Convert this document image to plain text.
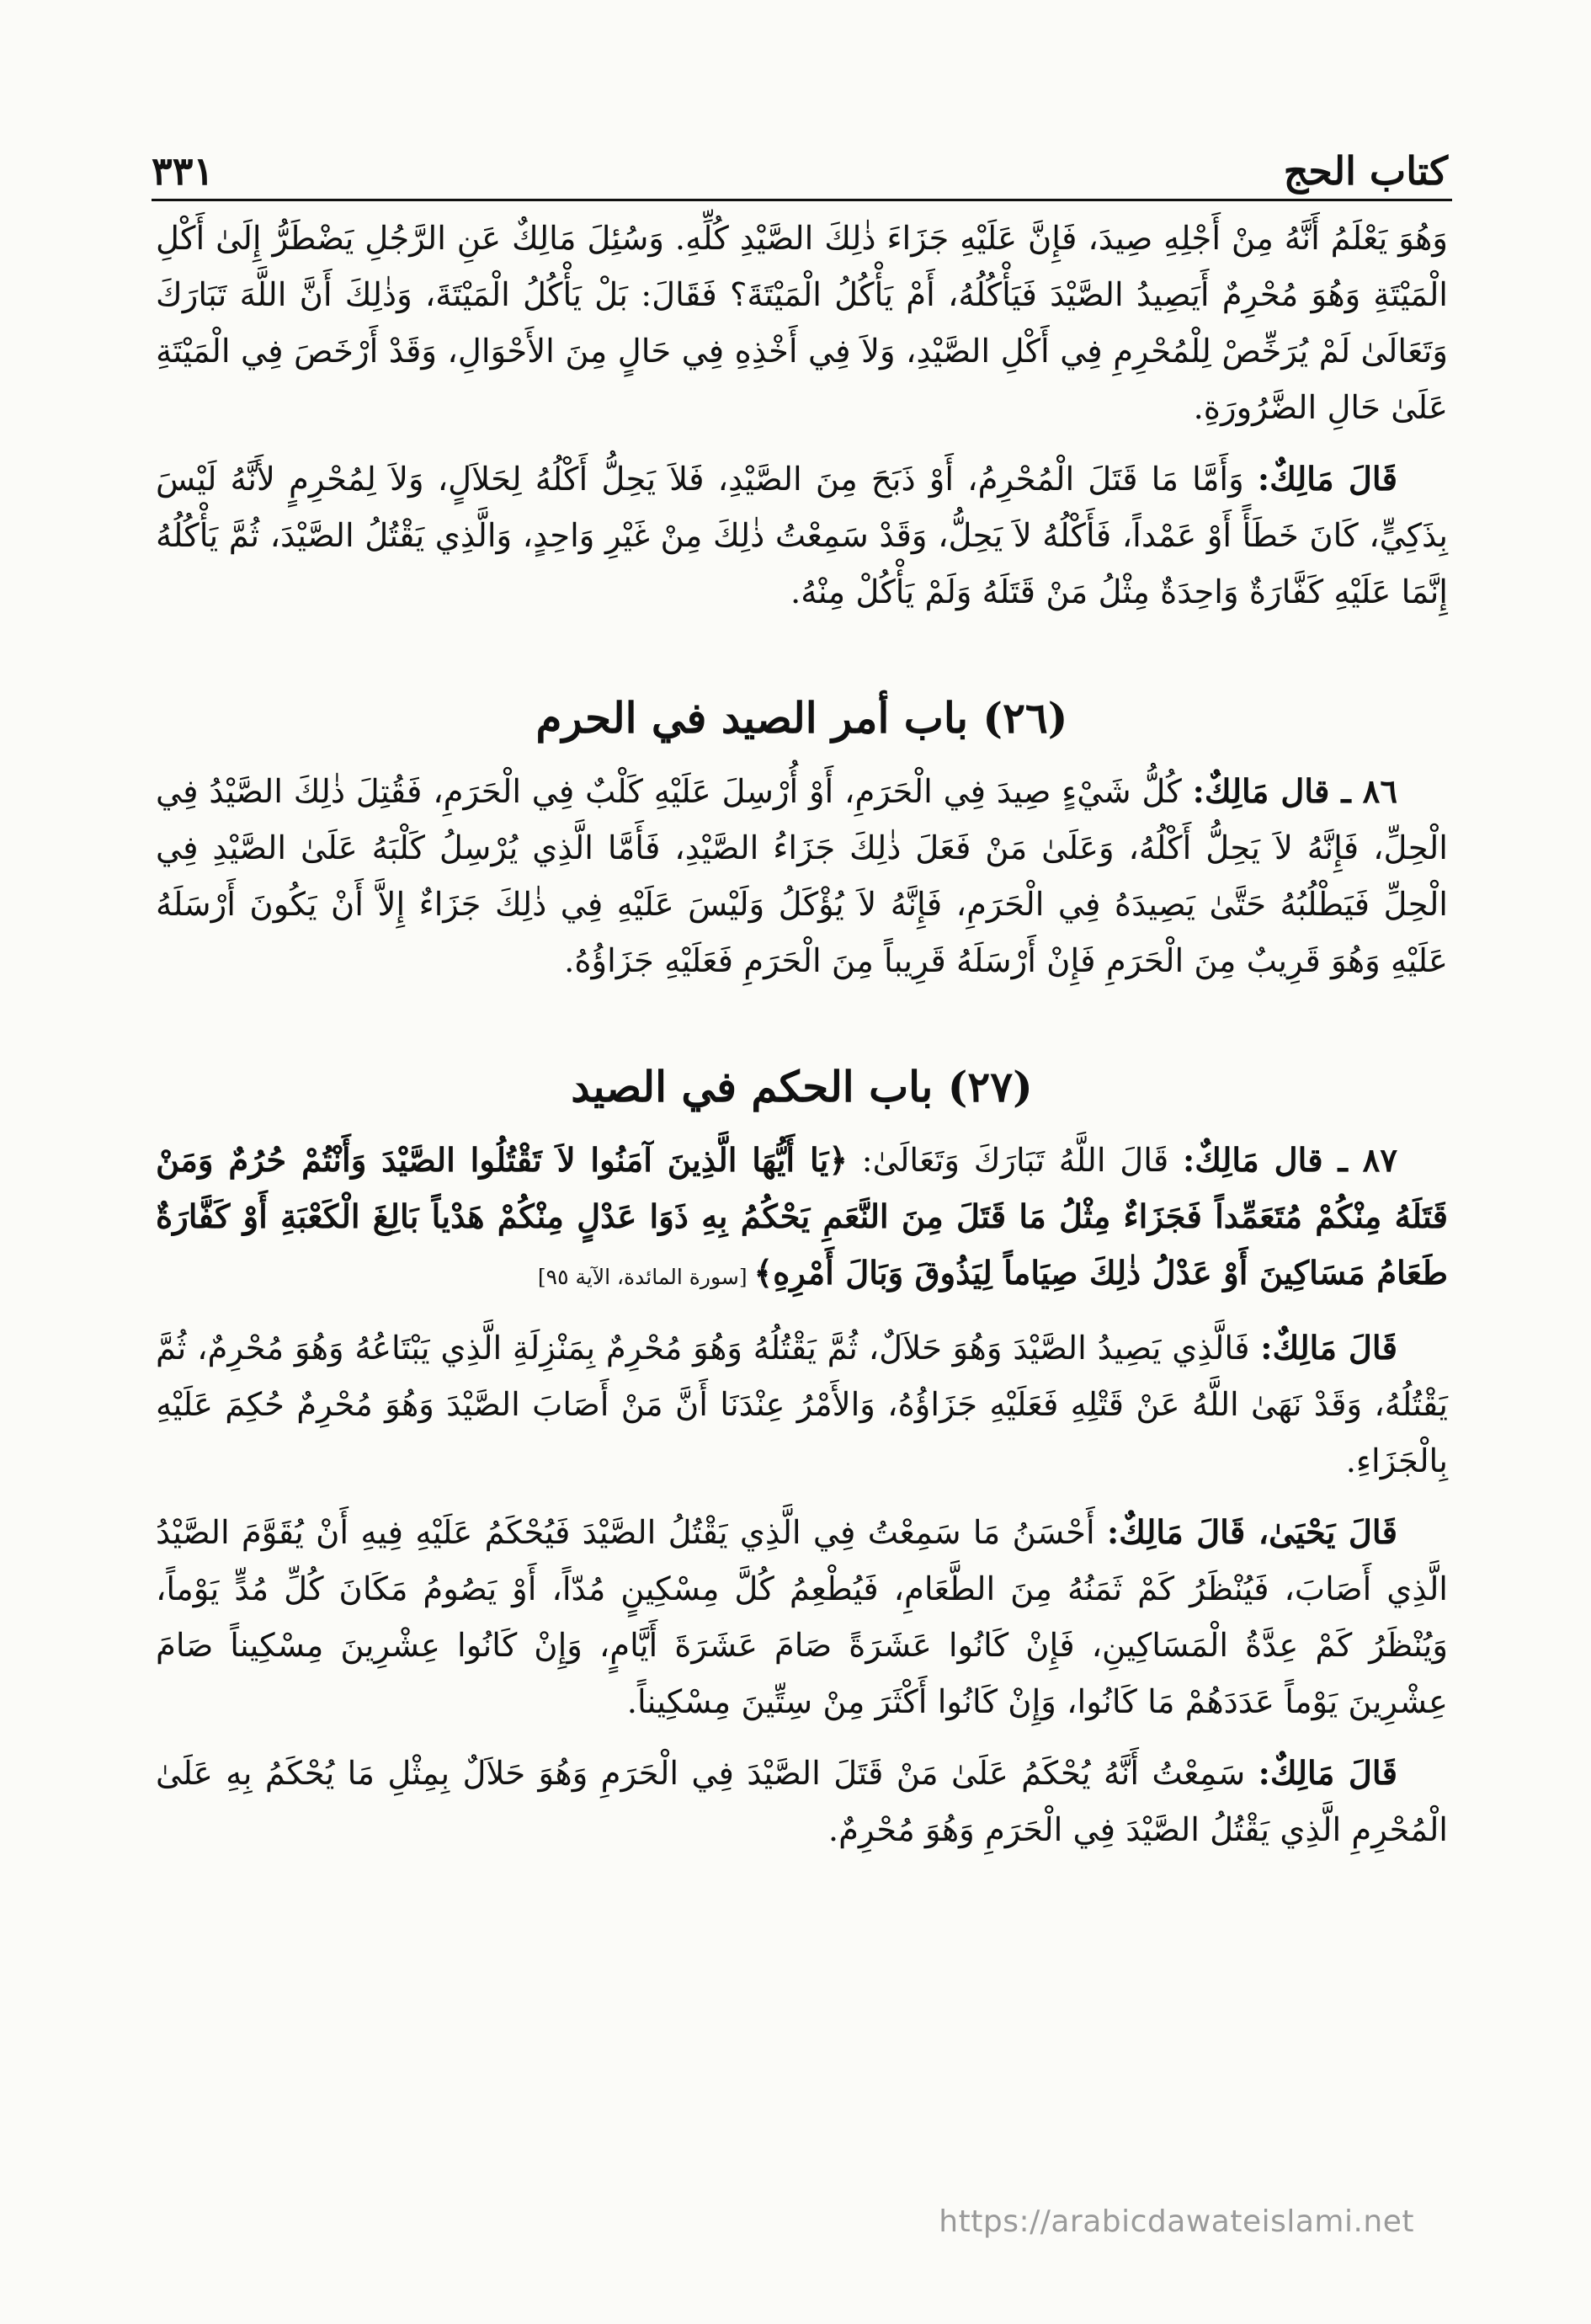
كتاب الحج
٣٣١

وَهُوَ يَعْلَمُ أَنَّهُ مِنْ أَجْلِهِ صِيدَ، فَإِنَّ عَلَيْهِ جَزَاءَ ذٰلِكَ الصَّيْدِ كُلِّهِ. وَسُئِلَ مَالِكٌ عَنِ الرَّجُلِ يَضْطَرُّ إِلَىٰ أَكْلِ الْمَيْتَةِ وَهُوَ مُحْرِمٌ أَيَصِيدُ الصَّيْدَ فَيَأْكُلُهُ، أَمْ يَأْكُلُ الْمَيْتَةَ؟ فَقَالَ: بَلْ يَأْكُلُ الْمَيْتَةَ، وَذٰلِكَ أَنَّ اللَّهَ تَبَارَكَ وَتَعَالَىٰ لَمْ يُرَخِّصْ لِلْمُحْرِمِ فِي أَكْلِ الصَّيْدِ، وَلاَ فِي أَخْذِهِ فِي حَالٍ مِنَ الأَحْوَالِ، وَقَدْ أَرْخَصَ فِي الْمَيْتَةِ عَلَىٰ حَالِ الضَّرُورَةِ.

قَالَ مَالِكٌ: وَأَمَّا مَا قَتَلَ الْمُحْرِمُ، أَوْ ذَبَحَ مِنَ الصَّيْدِ، فَلاَ يَحِلُّ أَكْلُهُ لِحَلاَلٍ، وَلاَ لِمُحْرِمٍ لأَنَّهُ لَيْسَ بِذَكِيٍّ، كَانَ خَطَأً أَوْ عَمْداً، فَأَكْلُهُ لاَ يَحِلُّ، وَقَدْ سَمِعْتُ ذٰلِكَ مِنْ غَيْرِ وَاحِدٍ، وَالَّذِي يَقْتُلُ الصَّيْدَ، ثُمَّ يَأْكُلُهُ إِنَّمَا عَلَيْهِ كَفَّارَةٌ وَاحِدَةٌ مِثْلُ مَنْ قَتَلَهُ وَلَمْ يَأْكُلْ مِنْهُ.

(٢٦) باب أمر الصيد في الحرم

٨٦ ـ قال مَالِكٌ: كُلُّ شَيْءٍ صِيدَ فِي الْحَرَمِ، أَوْ أُرْسِلَ عَلَيْهِ كَلْبٌ فِي الْحَرَمِ، فَقُتِلَ ذٰلِكَ الصَّيْدُ فِي الْحِلِّ، فَإِنَّهُ لاَ يَحِلُّ أَكْلُهُ، وَعَلَىٰ مَنْ فَعَلَ ذٰلِكَ جَزَاءُ الصَّيْدِ، فَأَمَّا الَّذِي يُرْسِلُ كَلْبَهُ عَلَىٰ الصَّيْدِ فِي الْحِلِّ فَيَطْلُبُهُ حَتَّىٰ يَصِيدَهُ فِي الْحَرَمِ، فَإِنَّهُ لاَ يُؤْكَلُ وَلَيْسَ عَلَيْهِ فِي ذٰلِكَ جَزَاءٌ إِلاَّ أَنْ يَكُونَ أَرْسَلَهُ عَلَيْهِ وَهُوَ قَرِيبٌ مِنَ الْحَرَمِ فَإِنْ أَرْسَلَهُ قَرِيباً مِنَ الْحَرَمِ فَعَلَيْهِ جَزَاؤُهُ.

(٢٧) باب الحكم في الصيد

٨٧ ـ قال مَالِكٌ: قَالَ اللَّهُ تَبَارَكَ وَتَعَالَىٰ: ﴿يَا أَيُّهَا الَّذِينَ آمَنُوا لاَ تَقْتُلُوا الصَّيْدَ وَأَنْتُمْ حُرُمٌ وَمَنْ قَتَلَهُ مِنْكُمْ مُتَعَمِّداً فَجَزَاءٌ مِثْلُ مَا قَتَلَ مِنَ النَّعَمِ يَحْكُمُ بِهِ ذَوَا عَدْلٍ مِنْكُمْ هَدْياً بَالِغَ الْكَعْبَةِ أَوْ كَفَّارَةٌ طَعَامُ مَسَاكِينَ أَوْ عَدْلُ ذٰلِكَ صِيَاماً لِيَذُوقَ وَبَالَ أَمْرِهِ﴾ [سورة المائدة، الآية ٩٥]

قَالَ مَالِكٌ: فَالَّذِي يَصِيدُ الصَّيْدَ وَهُوَ حَلاَلٌ، ثُمَّ يَقْتُلُهُ وَهُوَ مُحْرِمٌ بِمَنْزِلَةِ الَّذِي يَبْتَاعُهُ وَهُوَ مُحْرِمٌ، ثُمَّ يَقْتُلُهُ، وَقَدْ نَهَىٰ اللَّهُ عَنْ قَتْلِهِ فَعَلَيْهِ جَزَاؤُهُ، وَالأَمْرُ عِنْدَنَا أَنَّ مَنْ أَصَابَ الصَّيْدَ وَهُوَ مُحْرِمٌ حُكِمَ عَلَيْهِ بِالْجَزَاءِ.

قَالَ يَحْيَىٰ، قَالَ مَالِكٌ: أَحْسَنُ مَا سَمِعْتُ فِي الَّذِي يَقْتُلُ الصَّيْدَ فَيُحْكَمُ عَلَيْهِ فِيهِ أَنْ يُقَوَّمَ الصَّيْدُ الَّذِي أَصَابَ، فَيُنْظَرُ كَمْ ثَمَنُهُ مِنَ الطَّعَامِ، فَيُطْعِمُ كُلَّ مِسْكِينٍ مُدّاً، أَوْ يَصُومُ مَكَانَ كُلِّ مُدٍّ يَوْماً، وَيُنْظَرُ كَمْ عِدَّةُ الْمَسَاكِينِ، فَإِنْ كَانُوا عَشَرَةً صَامَ عَشَرَةَ أَيَّامٍ، وَإِنْ كَانُوا عِشْرِينَ مِسْكِيناً صَامَ عِشْرِينَ يَوْماً عَدَدَهُمْ مَا كَانُوا، وَإِنْ كَانُوا أَكْثَرَ مِنْ سِتِّينَ مِسْكِيناً.

قَالَ مَالِكٌ: سَمِعْتُ أَنَّهُ يُحْكَمُ عَلَىٰ مَنْ قَتَلَ الصَّيْدَ فِي الْحَرَمِ وَهُوَ حَلاَلٌ بِمِثْلِ مَا يُحْكَمُ بِهِ عَلَىٰ الْمُحْرِمِ الَّذِي يَقْتُلُ الصَّيْدَ فِي الْحَرَمِ وَهُوَ مُحْرِمٌ.

https://arabicdawateislami.net
